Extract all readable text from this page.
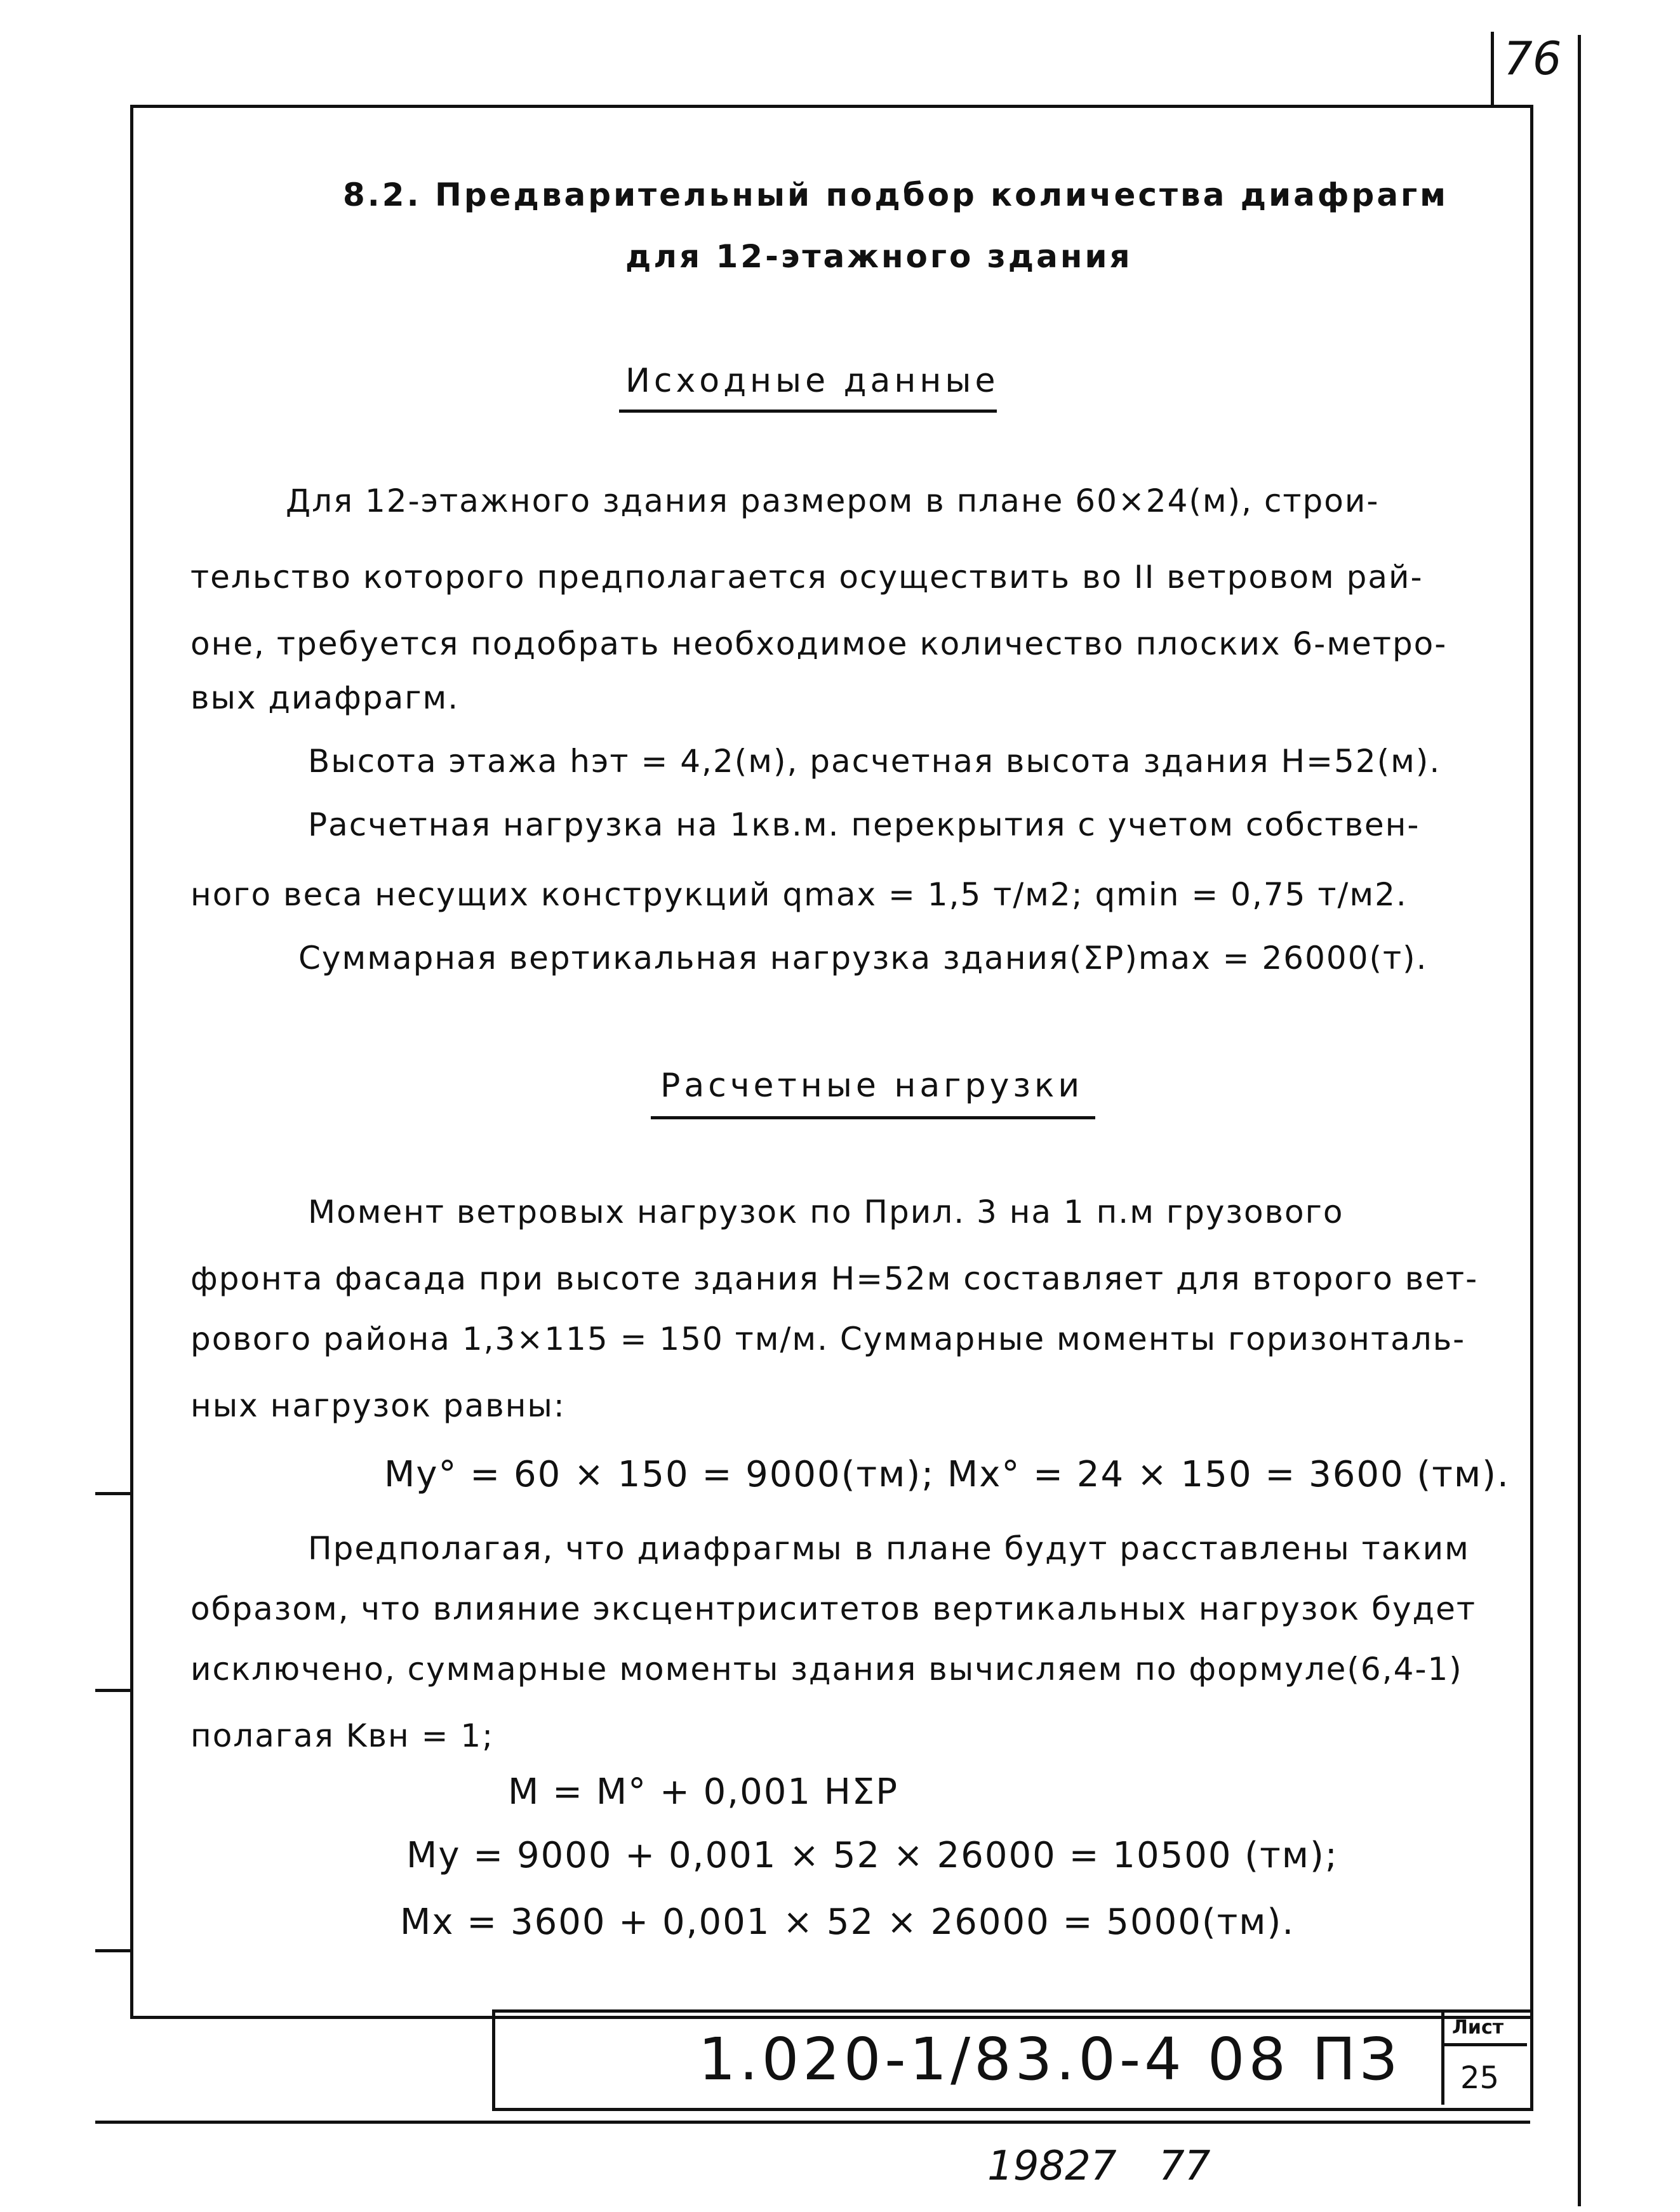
76
8.2. Предварительный подбор количества диафрагм
для 12-этажного здания
Исходные данные
Для 12-этажного здания размером в плане 60×24(м), строи-
тельство которого предполагается осуществить во II ветровом рай-
оне, требуется подобрать необходимое количество плоских 6-метро-
вых диафрагм.
Высота этажа hэт = 4,2(м), расчетная высота здания H=52(м).
Расчетная нагрузка на 1кв.м. перекрытия с учетом собствен-
ного веса несущих конструкций qmax = 1,5 т/м2; qmin = 0,75 т/м2.
Суммарная вертикальная нагрузка здания(ΣP)max = 26000(т).
Расчетные нагрузки
Момент ветровых нагрузок по Прил. 3 на 1 п.м грузового
фронта фасада при высоте здания H=52м составляет для второго вет-
рового района 1,3×115 = 150 тм/м. Суммарные моменты горизонталь-
ных нагрузок равны:
My° = 60 × 150 = 9000(тм); Mx° = 24 × 150 = 3600 (тм).
Предполагая, что диафрагмы в плане будут расставлены таким
образом, что влияние эксцентриситетов вертикальных нагрузок будет
исключено, суммарные моменты здания вычисляем по формуле(6,4-1)
полагая Kвн = 1;
M = M° + 0,001 HΣP
My = 9000 + 0,001 × 52 × 26000 = 10500 (тм);
Mx = 3600 + 0,001 × 52 × 26000 = 5000(тм).
1.020-1/83.0-4 08 ПЗ	Лист
25
19827 77
